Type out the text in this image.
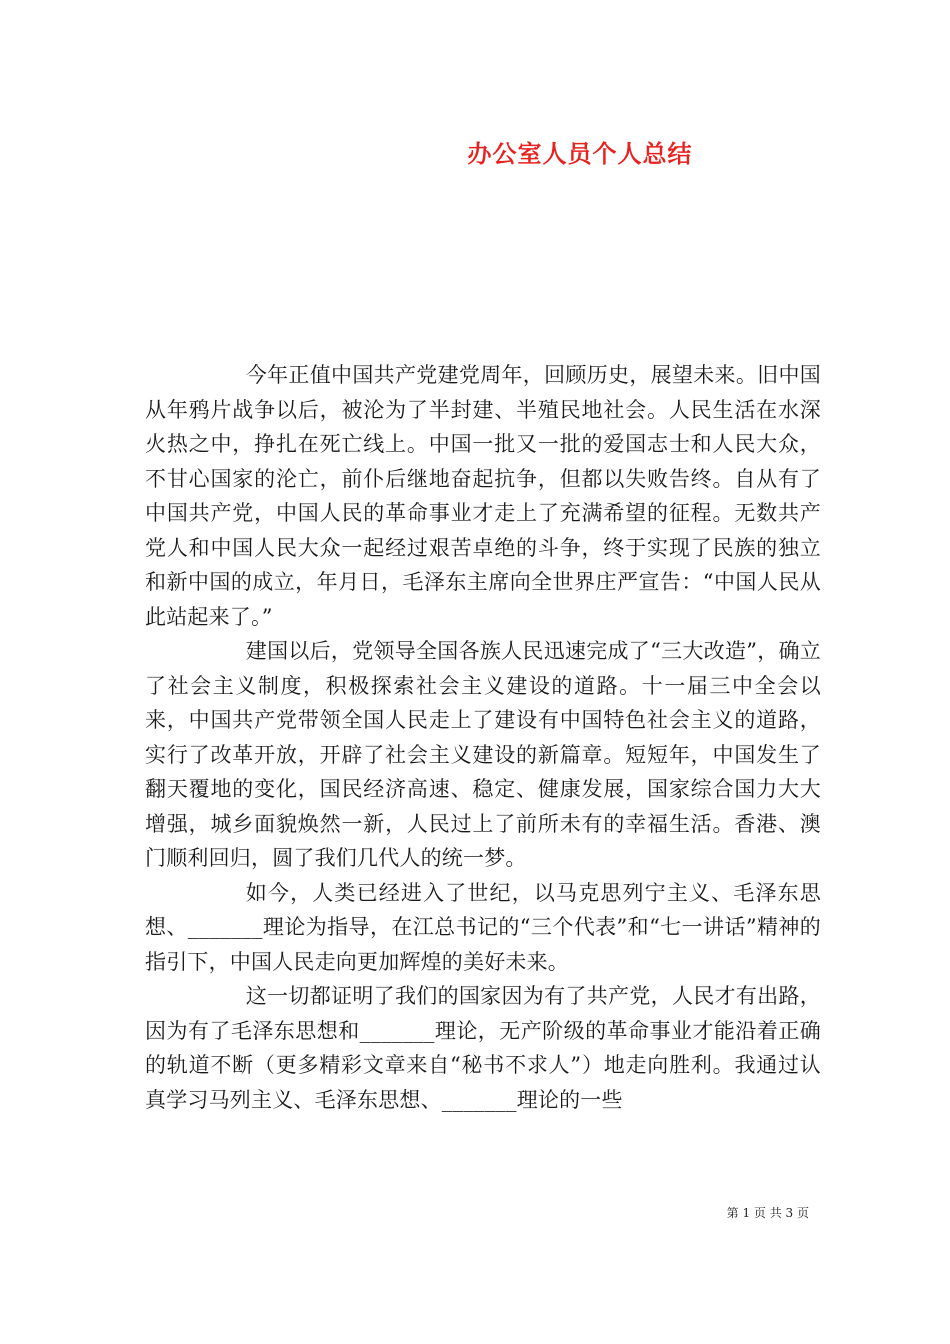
办公室人员个人总结

今年正值中国共产党建党周年，回顾历史，展望未来。旧中国从年鸦片战争以后，被沦为了半封建、半殖民地社会。人民生活在水深火热之中，挣扎在死亡线上。中国一批又一批的爱国志士和人民大众，不甘心国家的沦亡，前仆后继地奋起抗争，但都以失败告终。自从有了中国共产党，中国人民的革命事业才走上了充满希望的征程。无数共产党人和中国人民大众一起经过艰苦卓绝的斗争，终于实现了民族的独立和新中国的成立，年月日，毛泽东主席向全世界庄严宣告：“中国人民从此站起来了。”

建国以后，党领导全国各族人民迅速完成了“三大改造”，确立了社会主义制度，积极探索社会主义建设的道路。十一届三中全会以来，中国共产党带领全国人民走上了建设有中国特色社会主义的道路，实行了改革开放，开辟了社会主义建设的新篇章。短短年，中国发生了翻天覆地的变化，国民经济高速、稳定、健康发展，国家综合国力大大增强，城乡面貌焕然一新，人民过上了前所未有的幸福生活。香港、澳门顺利回归，圆了我们几代人的统一梦。

如今，人类已经进入了世纪，以马克思列宁主义、毛泽东思想、_______理论为指导，在江总书记的“三个代表”和“七一讲话”精神的指引下，中国人民走向更加辉煌的美好未来。

这一切都证明了我们的国家因为有了共产党，人民才有出路，因为有了毛泽东思想和_______理论，无产阶级的革命事业才能沿着正确的轨道不断（更多精彩文章来自“秘书不求人”）地走向胜利。我通过认真学习马列主义、毛泽东思想、_______理论的一些

第 1 页 共 3 页
